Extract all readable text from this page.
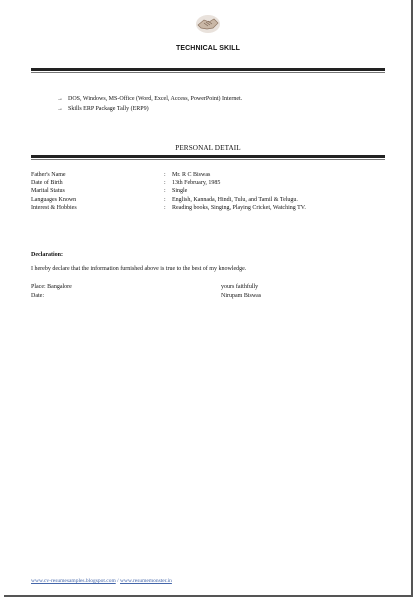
TECHNICAL SKILL
→ DOS, Windows, MS-Office (Word, Excel, Access, PowerPoint) Internet.
→ Skills ERP Package Tally (ERP9)
PERSONAL DETAIL
Father's Name	: Mr. R C Biswas
Date of Birth	: 13th February, 1985
Marital Status	: Single
Languages Known	: English, Kannada, Hindi, Tulu, and Tamil & Telugu.
Interest & Hobbies	: Reading books, Singing, Playing Cricket, Watching TV.
Declaration:
I hereby declare that the information furnished above is true to the best of my knowledge.
Place: Bangalore
Date:
yours faithfully
Nirupam Biswas
www.cv-resumesamples.blogspot.com / www.resumemonster.in
